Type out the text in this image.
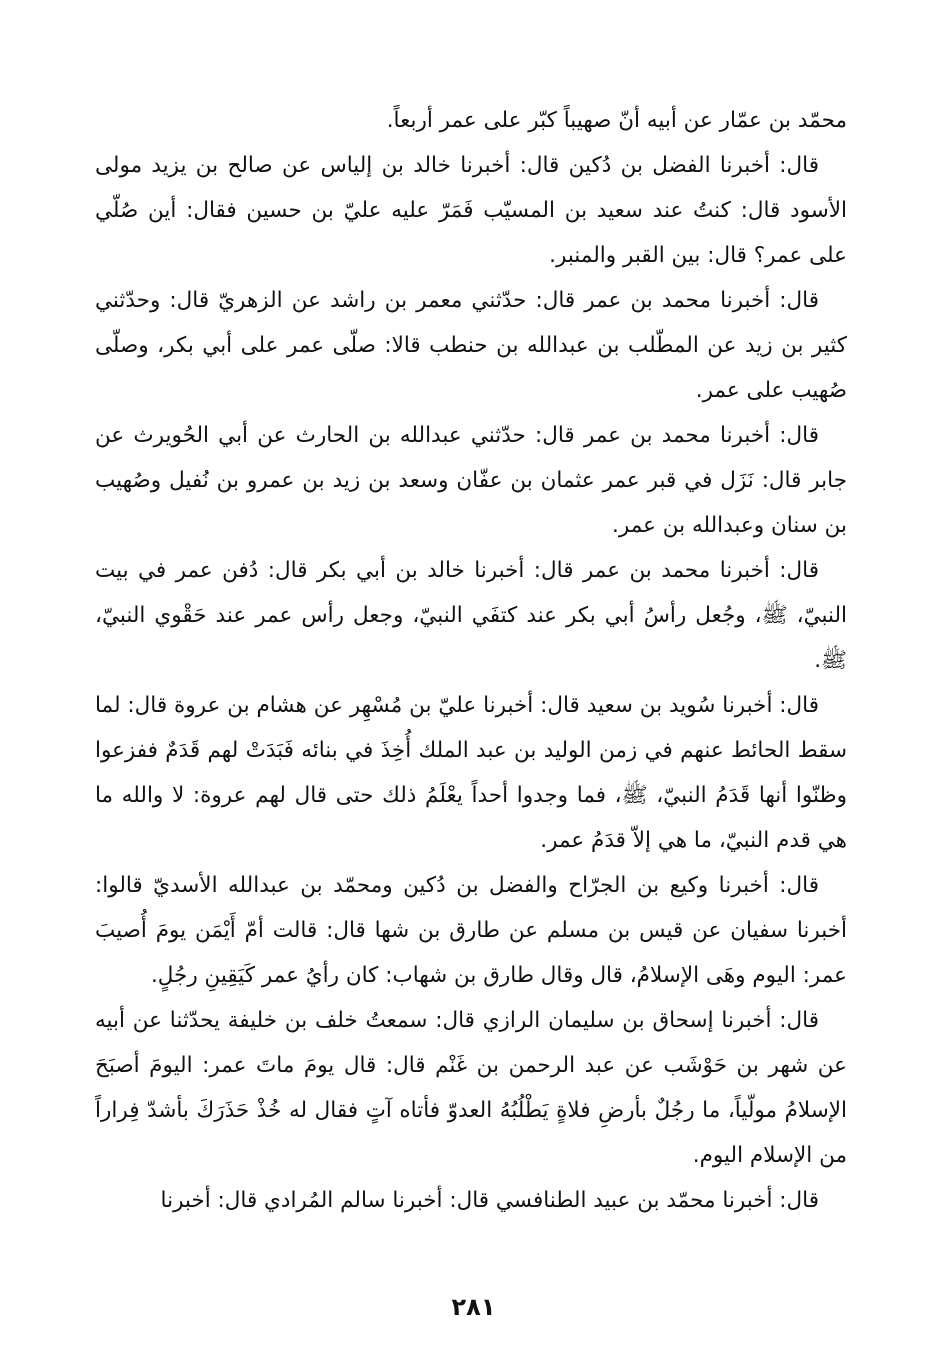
محمّد بن عمّار عن أبيه أنّ صهيباً كبّر على عمر أربعاً.

قال: أخبرنا الفضل بن دُكين قال: أخبرنا خالد بن إلياس عن صالح بن يزيد مولى الأسود قال: كنتُ عند سعيد بن المسيّب فَمَرّ عليه عليّ بن حسين فقال: أين صُلّي على عمر؟ قال: بين القبر والمنبر.

قال: أخبرنا محمد بن عمر قال: حدّثني معمر بن راشد عن الزهريّ قال: وحدّثني كثير بن زيد عن المطّلب بن عبدالله بن حنطب قالا: صلّى عمر على أبي بكر، وصلّى صُهيب على عمر.

قال: أخبرنا محمد بن عمر قال: حدّثني عبدالله بن الحارث عن أبي الحُويرث عن جابر قال: نَزَل في قبر عمر عثمان بن عفّان وسعد بن زيد بن عمرو بن نُفيل وصُهيب بن سنان وعبدالله بن عمر.

قال: أخبرنا محمد بن عمر قال: أخبرنا خالد بن أبي بكر قال: دُفن عمر في بيت النبيّ، ﷺ، وجُعل رأسُ أبي بكر عند كتفَي النبيّ، وجعل رأس عمر عند حَقْوي النبيّ، ﷺ.

قال: أخبرنا سُويد بن سعيد قال: أخبرنا عليّ بن مُسْهِر عن هشام بن عروة قال: لما سقط الحائط عنهم في زمن الوليد بن عبد الملك أُخِذَ في بنائه فَبَدَتْ لهم قَدَمٌ ففزعوا وظنّوا أنها قَدَمُ النبيّ، ﷺ، فما وجدوا أحداً يعْلَمُ ذلك حتى قال لهم عروة: لا والله ما هي قدم النبيّ، ما هي إلاّ قدَمُ عمر.

قال: أخبرنا وكيع بن الجرّاح والفضل بن دُكين ومحمّد بن عبدالله الأسديّ قالوا: أخبرنا سفيان عن قيس بن مسلم عن طارق بن شها قال: قالت أمّ أَيْمَن يومَ أُصيبَ عمر: اليوم وهَى الإسلامُ، قال وقال طارق بن شهاب: كان رأيُ عمر كَيَقِينِ رجُلٍ.

قال: أخبرنا إسحاق بن سليمان الرازي قال: سمعتُ خلف بن خليفة يحدّثنا عن أبيه عن شهر بن حَوْشَب عن عبد الرحمن بن غَنْم قال: قال يومَ ماتَ عمر: اليومَ أصبَحَ الإسلامُ مولّياً، ما رجُلٌ بأرضِ فلاةٍ يَطْلُبُهُ العدوّ فأتاه آتٍ فقال له خُذْ حَذَرَكَ بأشدّ فِراراً من الإسلام اليوم.

قال: أخبرنا محمّد بن عبيد الطنافسي قال: أخبرنا سالم المُرادي قال: أخبرنا

٢٨١
